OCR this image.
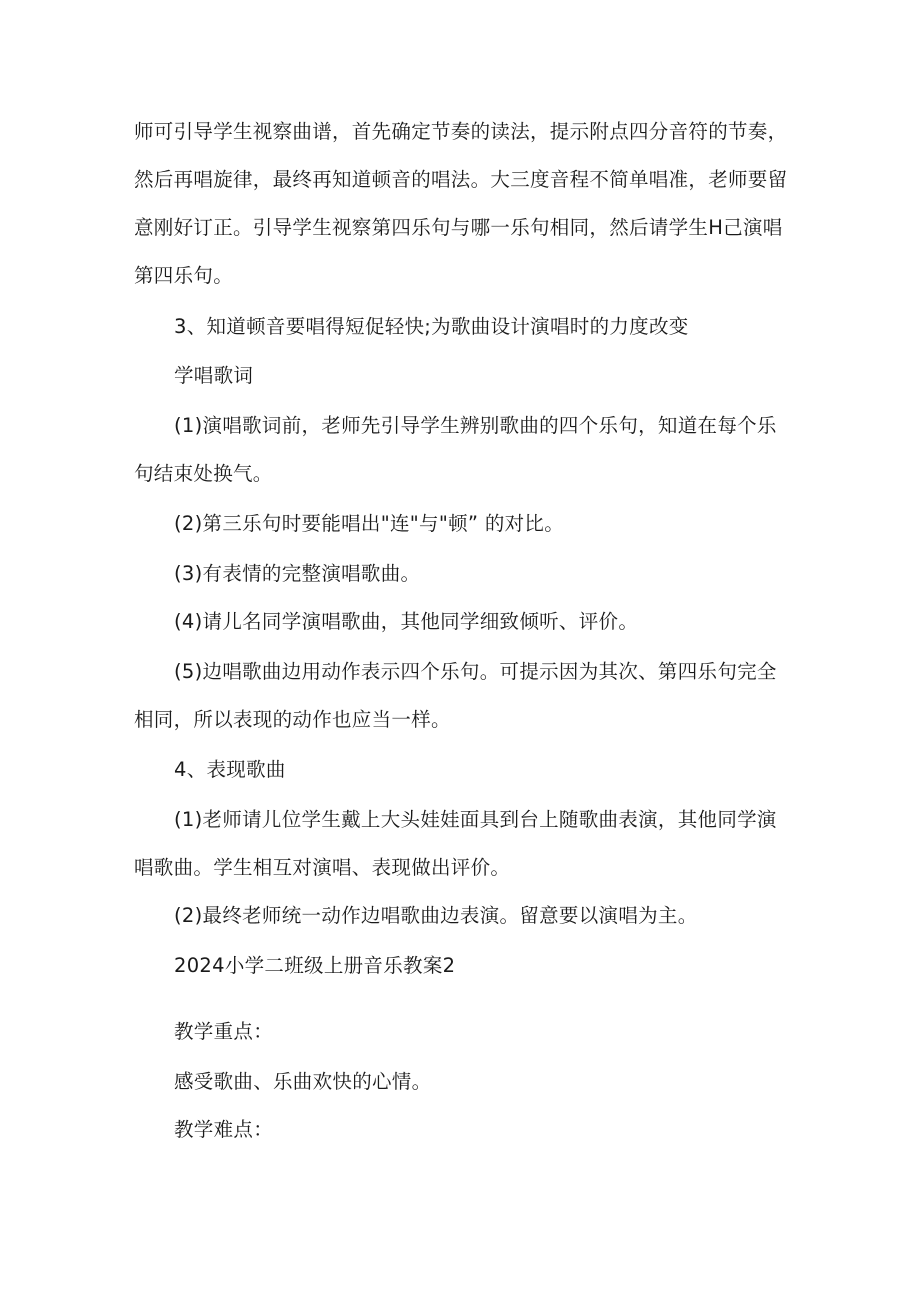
师可引导学生视察曲谱，首先确定节奏的读法，提示附点四分音符的节奏，
然后再唱旋律，最终再知道顿音的唱法。大三度音程不简单唱准，老师要留
意刚好订正。引导学生视察第四乐句与哪一乐句相同，然后请学生H己演唱
第四乐句。
3、知道顿音要唱得短促轻快;为歌曲设计演唱时的力度改变
学唱歌词
(1)演唱歌词前，老师先引导学生辨别歌曲的四个乐句，知道在每个乐
句结束处换气。
(2)第三乐句时要能唱出"连"与"顿” 的对比。
(3)有表情的完整演唱歌曲。
(4)请儿名同学演唱歌曲，其他同学细致倾听、评价。
(5)边唱歌曲边用动作表示四个乐句。可提示因为其次、第四乐句完全
相同，所以表现的动作也应当一样。
4、表现歌曲
(1)老师请儿位学生戴上大头娃娃面具到台上随歌曲表演，其他同学演
唱歌曲。学生相互对演唱、表现做出评价。
(2)最终老师统一动作边唱歌曲边表演。留意要以演唱为主。
2024小学二班级上册音乐教案2
教学重点：
感受歌曲、乐曲欢快的心情。
教学难点：
